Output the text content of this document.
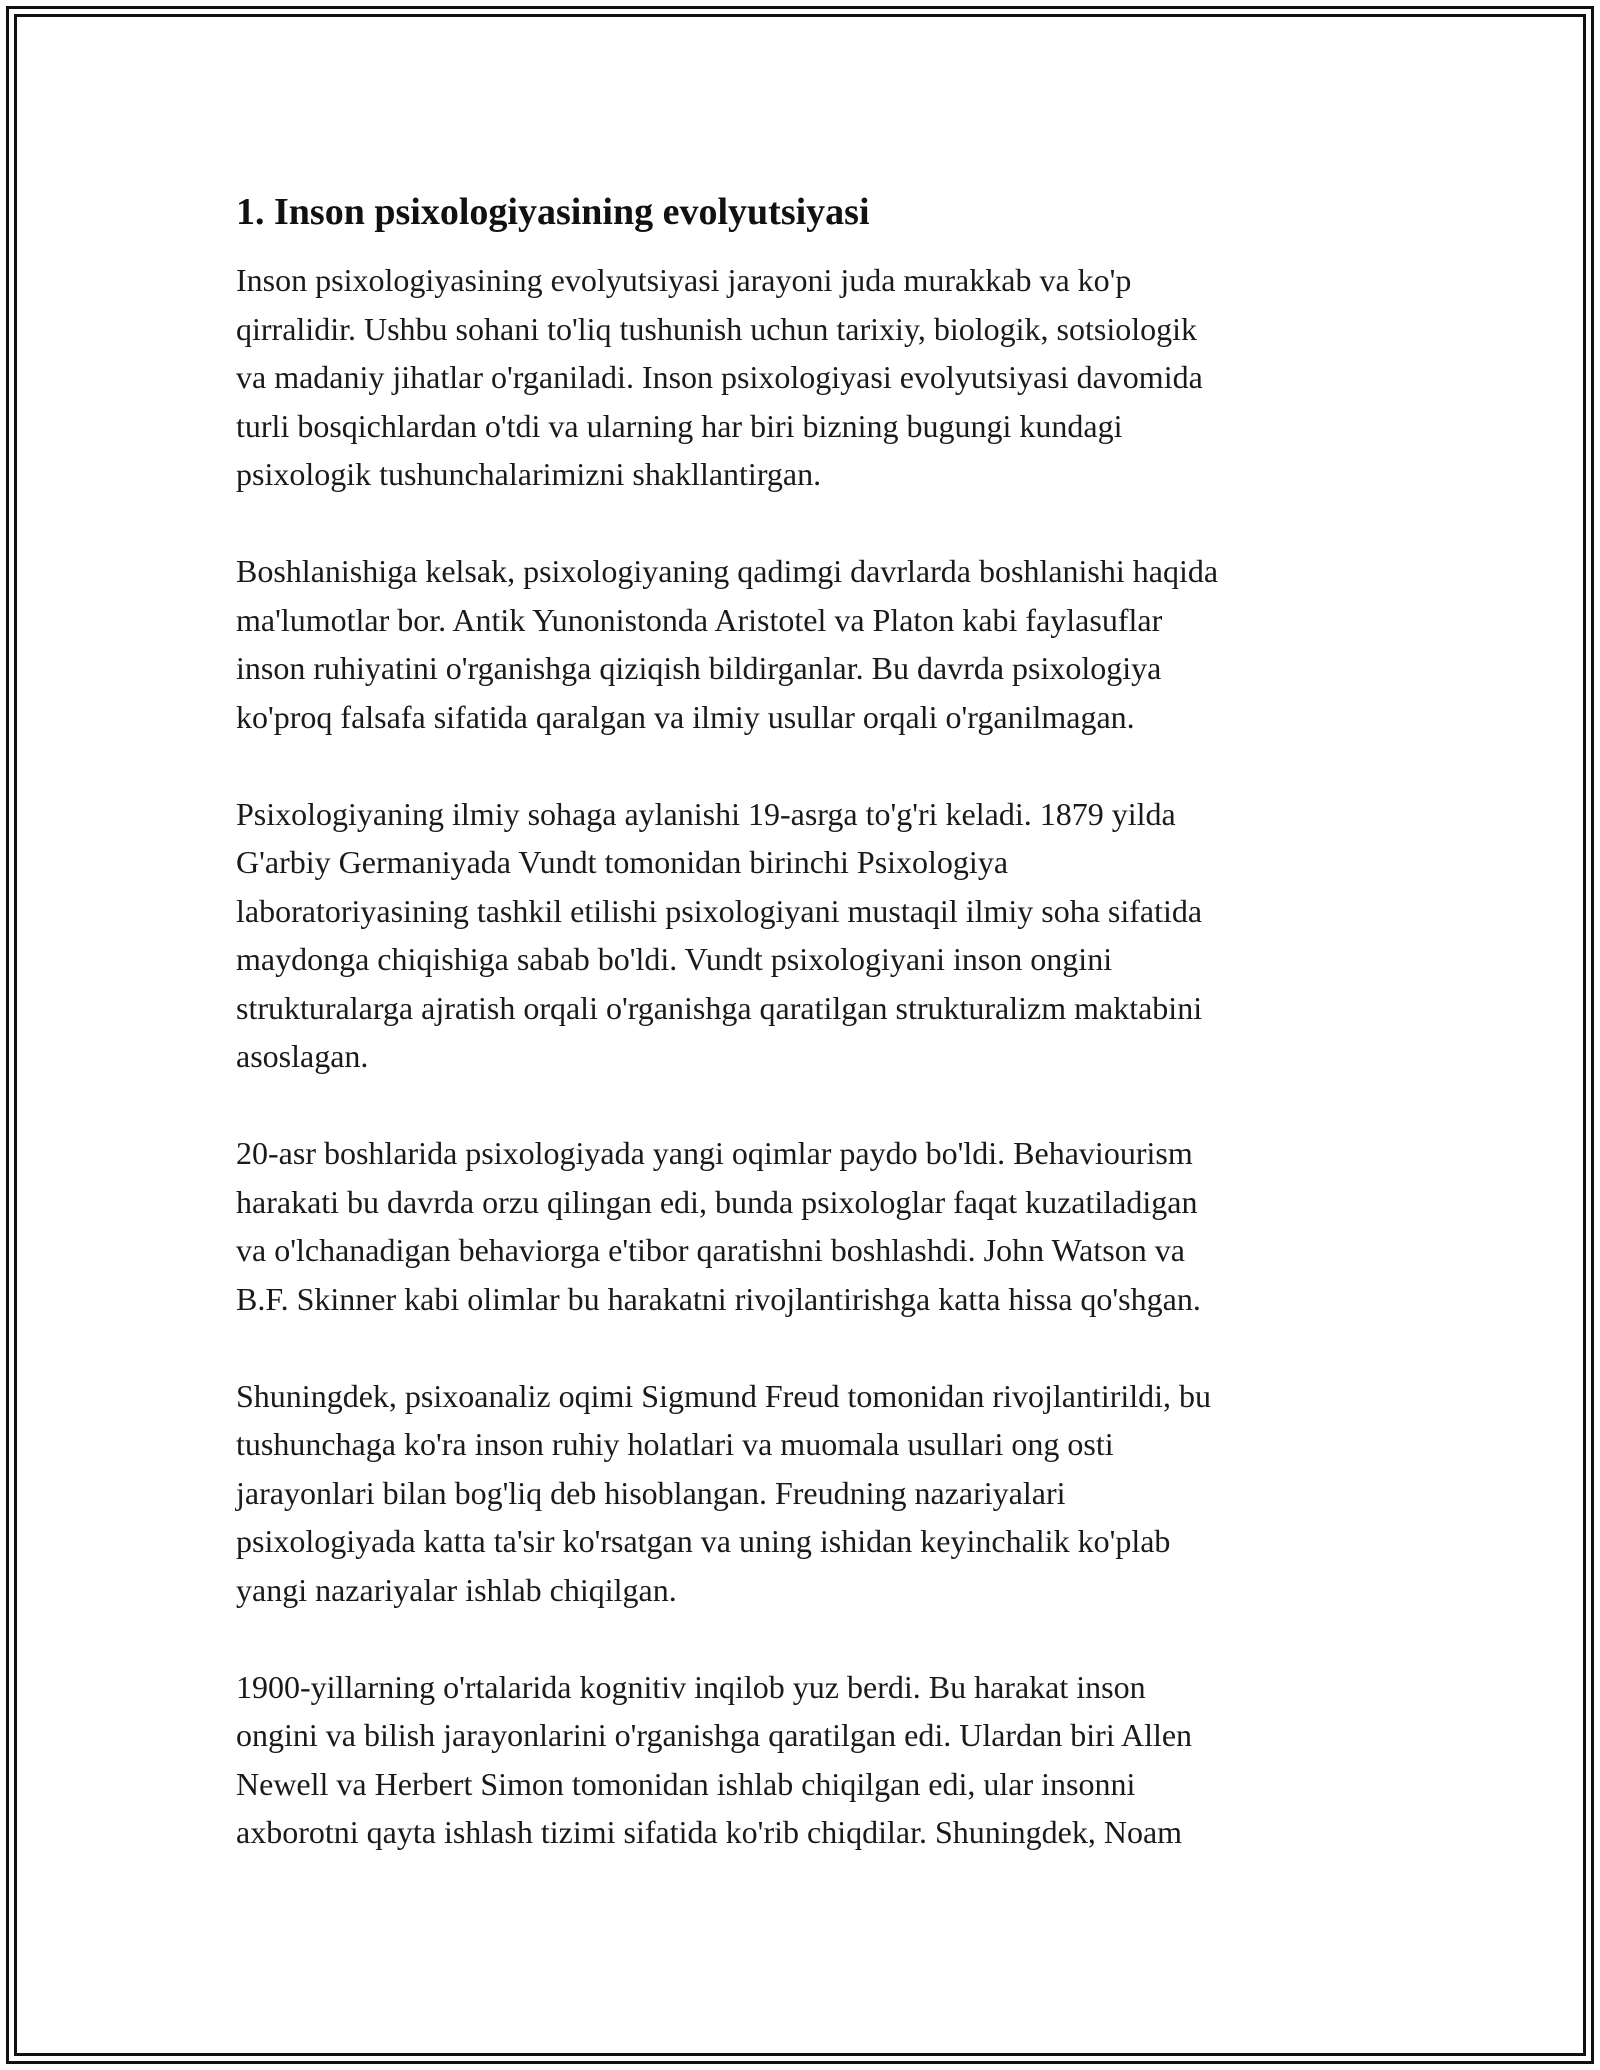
1. Inson psixologiyasining evolyutsiyasi

Inson psixologiyasining evolyutsiyasi jarayoni juda murakkab va ko'p
qirralidir. Ushbu sohani to'liq tushunish uchun tarixiy, biologik, sotsiologik
va madaniy jihatlar o'rganiladi. Inson psixologiyasi evolyutsiyasi davomida
turli bosqichlardan o'tdi va ularning har biri bizning bugungi kundagi
psixologik tushunchalarimizni shakllantirgan.

Boshlanishiga kelsak, psixologiyaning qadimgi davrlarda boshlanishi haqida
ma'lumotlar bor. Antik Yunonistonda Aristotel va Platon kabi faylasuflar
inson ruhiyatini o'rganishga qiziqish bildirganlar. Bu davrda psixologiya
ko'proq falsafa sifatida qaralgan va ilmiy usullar orqali o'rganilmagan.

Psixologiyaning ilmiy sohaga aylanishi 19-asrga to'g'ri keladi. 1879 yilda
G'arbiy Germaniyada Vundt tomonidan birinchi Psixologiya
laboratoriyasining tashkil etilishi psixologiyani mustaqil ilmiy soha sifatida
maydonga chiqishiga sabab bo'ldi. Vundt psixologiyani inson ongini
strukturalarga ajratish orqali o'rganishga qaratilgan strukturalizm maktabini
asoslagan.

20-asr boshlarida psixologiyada yangi oqimlar paydo bo'ldi. Behaviourism
harakati bu davrda orzu qilingan edi, bunda psixologlar faqat kuzatiladigan
va o'lchanadigan behaviorga e'tibor qaratishni boshlashdi. John Watson va
B.F. Skinner kabi olimlar bu harakatni rivojlantirishga katta hissa qo'shgan.

Shuningdek, psixoanaliz oqimi Sigmund Freud tomonidan rivojlantirildi, bu
tushunchaga ko'ra inson ruhiy holatlari va muomala usullari ong osti
jarayonlari bilan bog'liq deb hisoblangan. Freudning nazariyalari
psixologiyada katta ta'sir ko'rsatgan va uning ishidan keyinchalik ko'plab
yangi nazariyalar ishlab chiqilgan.

1900-yillarning o'rtalarida kognitiv inqilob yuz berdi. Bu harakat inson
ongini va bilish jarayonlarini o'rganishga qaratilgan edi. Ulardan biri Allen
Newell va Herbert Simon tomonidan ishlab chiqilgan edi, ular insonni
axborotni qayta ishlash tizimi sifatida ko'rib chiqdilar. Shuningdek, Noam
